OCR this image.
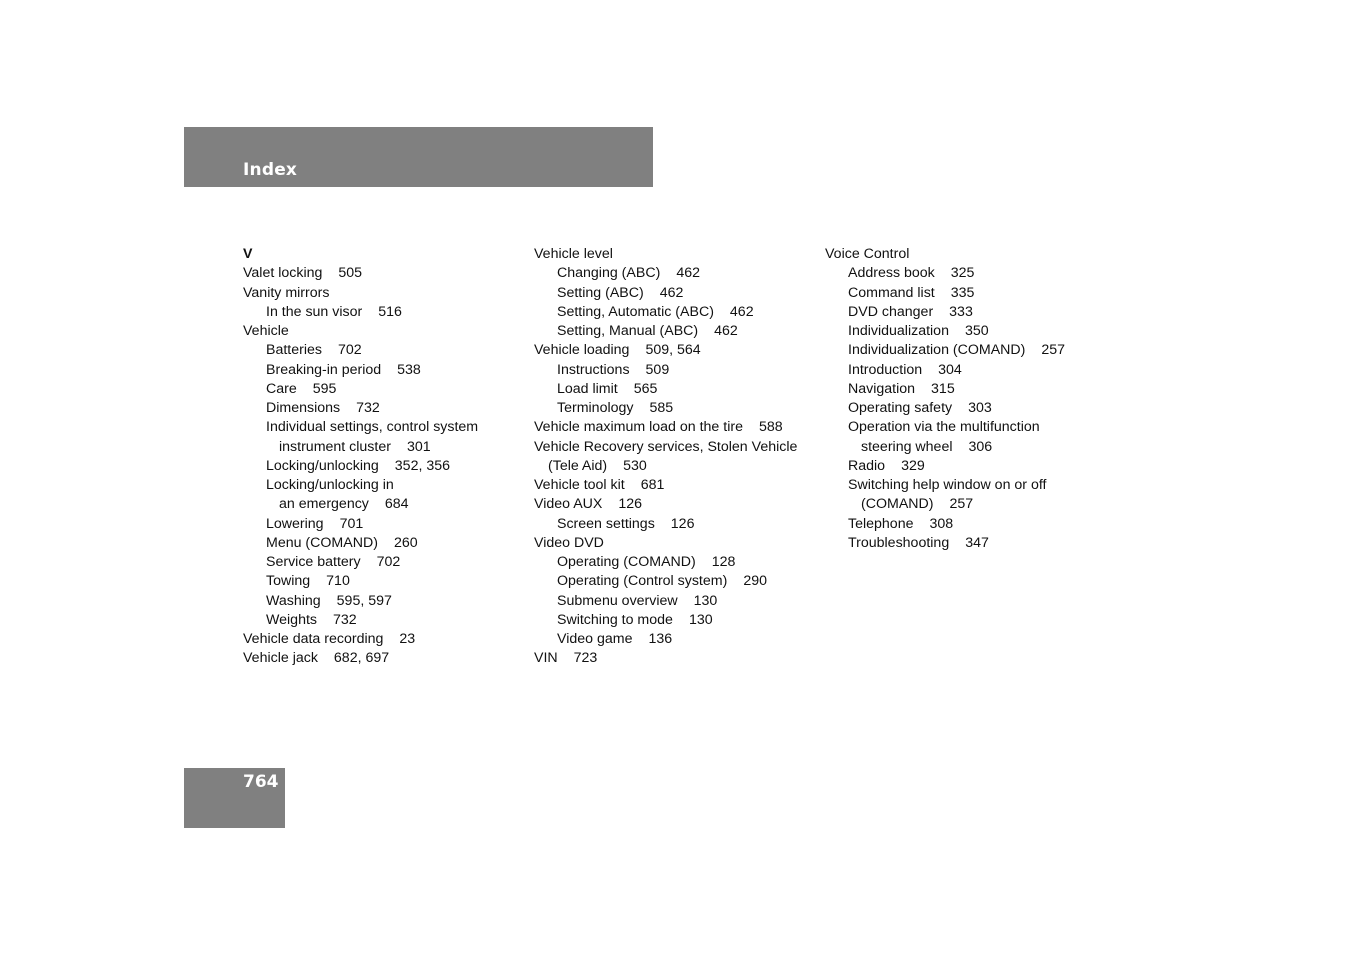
Index
V
Valet locking 505
Vanity mirrors
In the sun visor 516
Vehicle
Batteries 702
Breaking-in period 538
Care 595
Dimensions 732
Individual settings, control system
instrument cluster 301
Locking/unlocking 352, 356
Locking/unlocking in
an emergency 684
Lowering 701
Menu (COMAND) 260
Service battery 702
Towing 710
Washing 595, 597
Weights 732
Vehicle data recording 23
Vehicle jack 682, 697
Vehicle level
Changing (ABC) 462
Setting (ABC) 462
Setting, Automatic (ABC) 462
Setting, Manual (ABC) 462
Vehicle loading 509, 564
Instructions 509
Load limit 565
Terminology 585
Vehicle maximum load on the tire 588
Vehicle Recovery services, Stolen Vehicle
(Tele Aid) 530
Vehicle tool kit 681
Video AUX 126
Screen settings 126
Video DVD
Operating (COMAND) 128
Operating (Control system) 290
Submenu overview 130
Switching to mode 130
Video game 136
VIN 723
Voice Control
Address book 325
Command list 335
DVD changer 333
Individualization 350
Individualization (COMAND) 257
Introduction 304
Navigation 315
Operating safety 303
Operation via the multifunction
steering wheel 306
Radio 329
Switching help window on or off
(COMAND) 257
Telephone 308
Troubleshooting 347
764
